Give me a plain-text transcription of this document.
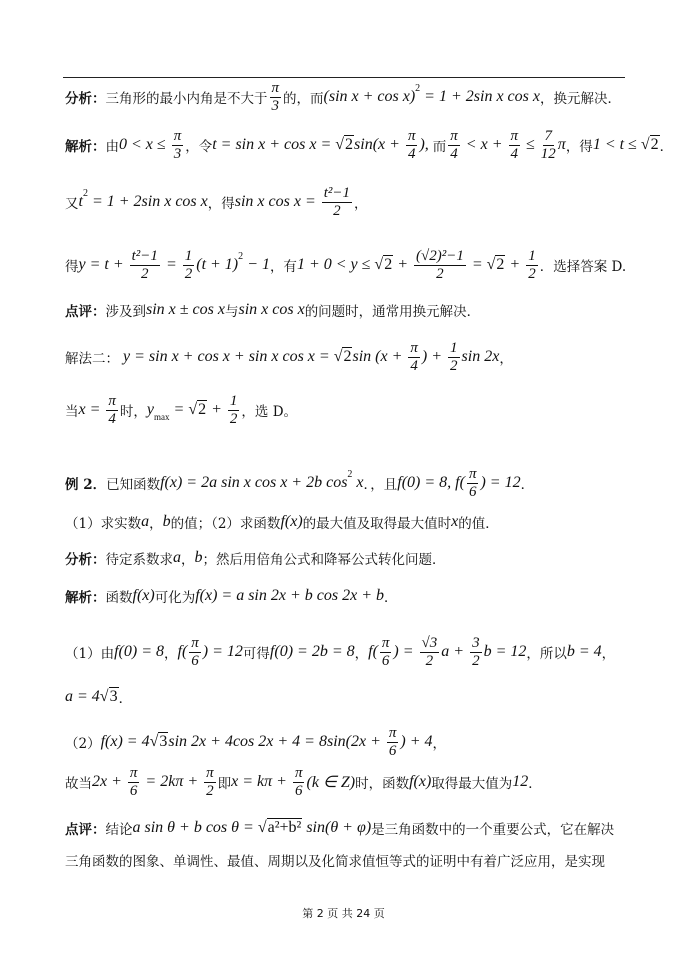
分析： 三角形的最小内角是不大于 $\frac{\pi}{3}$ 的，而 (sin x + cos x) 2 = 1 + 2sin x cos x ，换元解决．
解析： 由 $0 < x \le \frac{\pi}{3}$ ，令 t = sin x + cos x = √2 $\sin(x + \frac{\pi}{4}$ ), 而 $\frac{\pi}{4} < x + \frac{\pi}{4} \le \frac{7}{12}$ π ，得 1 < t ≤ √2 ．
又 t 2 = 1 + 2sin x cos x ，得 sin x $\cos x = \frac{\text{t²−1}}{2}$ ，
得 $y = t + \frac{\text{t²−1}}{2} = \frac{1}{2} (t + 1) 2 - 1$ ，有 $1 + 0 < y \le √2 + \frac{\text{(√2)²−1}}{2} = √2 + \frac{1}{2}$ ．选择答案 D.
点评： 涉及到 sin x ± cos x 与 sin x cos x 的问题时，通常用换元解决．
解法二： y = sin x + cos x + sin x cos x = √2 $\sin (x + \frac{\pi}{4}$ ) + $\frac{1}{2}$ sin 2x ，
当 $x = \frac{\pi}{4}$ 时， y $\max = √2 + \frac{1}{2}$ ，选 D。
例 2． 已知函数 f(x) = 2a sin x cos x + 2b cos 2 x ．，且 f(0) = 8, $f( \frac{\pi}{6}$ ) = 12 ．
（1）求实数 a ， b 的值；（2）求函数 f(x) 的最大值及取得最大值时 x 的值．
分析： 待定系数求 a ， b ；然后用倍角公式和降幂公式转化问题．
解析： 函数 f(x) 可化为 f(x) = a sin 2x + b cos 2x + b ．
（1）由 f(0) = 8 ， $f( \frac{\pi}{6}$ ) = 12 可得 f(0) = 2b = 8 ， $f( \frac{\pi}{6}$ ) = $\frac{√3}{2}$ $a + \frac{3}{2}$ b = 12 ，所以 b = 4 ，
a = 4 √3 ．
（2） f(x) = 4 √3 sin 2x + 4cos $2x + 4 = 8\sin(2x + \frac{\pi}{6}$ ) + 4 ，
故当 $2x + \frac{\pi}{6} = 2k\pi + \frac{\pi}{2}$ 即 $x = k\pi + \frac{\pi}{6} (k$ ∈ Z) 时，函数 f(x) 取得最大值为 12 ．
点评： 结论 a sin θ + b cos θ = √a²+b² sin(θ + φ) 是三角函数中的一个重要公式，它在解决
三角函数的图象、单调性、最值、周期以及化简求值恒等式的证明中有着广泛应用，是实现
第 2 页 共 24 页
